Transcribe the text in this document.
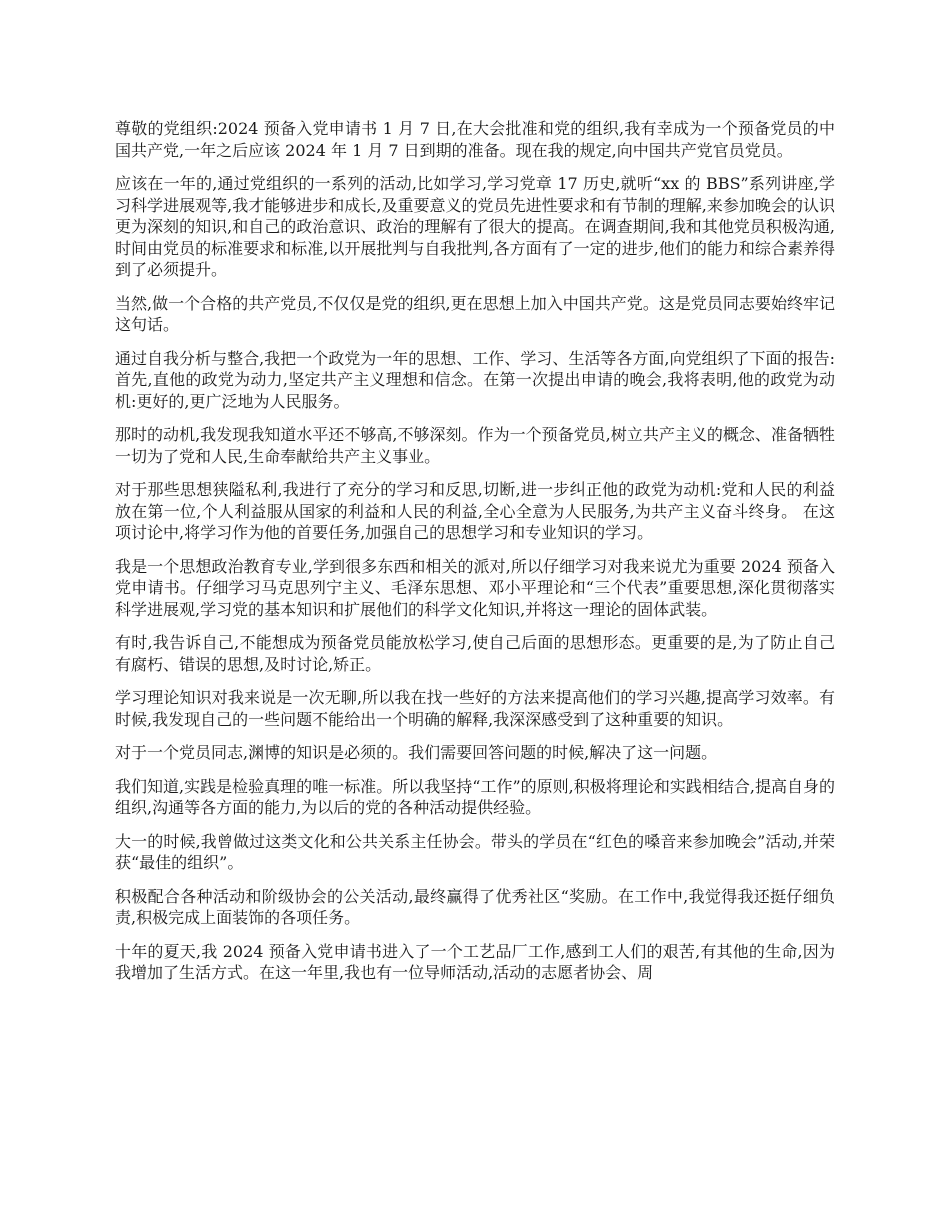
尊敬的党组织:2024 预备入党申请书 1 月 7 日,在大会批准和党的组织,我有幸成为一个预备党员的中国共产党,一年之后应该 2024 年 1 月 7 日到期的准备。现在我的规定,向中国共产党官员党员。

应该在一年的,通过党组织的一系列的活动,比如学习,学习党章 17 历史,就听“xx 的 BBS”系列讲座,学习科学进展观等,我才能够进步和成长,及重要意义的党员先进性要求和有节制的理解,来参加晚会的认识更为深刻的知识,和自己的政治意识、政治的理解有了很大的提高。在调查期间,我和其他党员积极沟通,时间由党员的标准要求和标准,以开展批判与自我批判,各方面有了一定的进步,他们的能力和综合素养得到了必须提升。

当然,做一个合格的共产党员,不仅仅是党的组织,更在思想上加入中国共产党。这是党员同志要始终牢记这句话。

通过自我分析与整合,我把一个政党为一年的思想、工作、学习、生活等各方面,向党组织了下面的报告: 首先,直他的政党为动力,坚定共产主义理想和信念。在第一次提出申请的晚会,我将表明,他的政党为动机:更好的,更广泛地为人民服务。

那时的动机,我发现我知道水平还不够高,不够深刻。作为一个预备党员,树立共产主义的概念、准备牺牲一切为了党和人民,生命奉献给共产主义事业。

对于那些思想狭隘私利,我进行了充分的学习和反思,切断,进一步纠正他的政党为动机:党和人民的利益放在第一位,个人利益服从国家的利益和人民的利益,全心全意为人民服务,为共产主义奋斗终身。 在这项讨论中,将学习作为他的首要任务,加强自己的思想学习和专业知识的学习。

我是一个思想政治教育专业,学到很多东西和相关的派对,所以仔细学习对我来说尤为重要 2024 预备入党申请书。仔细学习马克思列宁主义、毛泽东思想、邓小平理论和“三个代表”重要思想,深化贯彻落实科学进展观,学习党的基本知识和扩展他们的科学文化知识,并将这一理论的固体武装。

有时,我告诉自己,不能想成为预备党员能放松学习,使自己后面的思想形态。更重要的是,为了防止自己有腐朽、错误的思想,及时讨论,矫正。

学习理论知识对我来说是一次无聊,所以我在找一些好的方法来提高他们的学习兴趣,提高学习效率。有时候,我发现自己的一些问题不能给出一个明确的解释,我深深感受到了这种重要的知识。

对于一个党员同志,渊博的知识是必须的。我们需要回答问题的时候,解决了这一问题。

我们知道,实践是检验真理的唯一标准。所以我坚持“工作”的原则,积极将理论和实践相结合,提高自身的组织,沟通等各方面的能力,为以后的党的各种活动提供经验。

大一的时候,我曾做过这类文化和公共关系主任协会。带头的学员在“红色的嗓音来参加晚会”活动,并荣获“最佳的组织”。

积极配合各种活动和阶级协会的公关活动,最终赢得了优秀社区“奖励。在工作中,我觉得我还挺仔细负责,积极完成上面装饰的各项任务。

十年的夏天,我 2024 预备入党申请书进入了一个工艺品厂工作,感到工人们的艰苦,有其他的生命,因为我增加了生活方式。在这一年里,我也有一位导师活动,活动的志愿者协会、周
